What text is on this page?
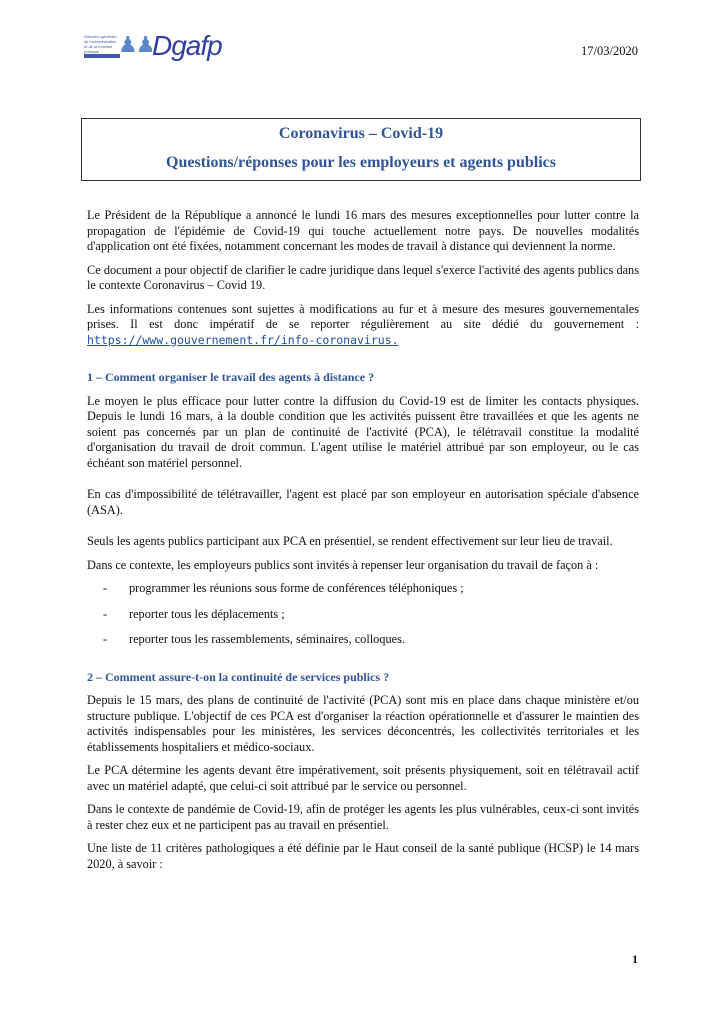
Direction générale de l'administration et de la fonction publique ♟♟
Dgafp	17/03/2020
Coronavirus – Covid-19
Questions/réponses pour les employeurs et agents publics

Le Président de la République a annoncé le lundi 16 mars des mesures exceptionnelles pour lutter contre la propagation de l'épidémie de Covid-19 qui touche actuellement notre pays. De nouvelles modalités d'application ont été fixées, notamment concernant les modes de travail à distance qui deviennent la norme.

Ce document a pour objectif de clarifier le cadre juridique dans lequel s'exerce l'activité des agents publics dans le contexte Coronavirus – Covid 19.

Les informations contenues sont sujettes à modifications au fur et à mesure des mesures gouvernementales prises. Il est donc impératif de se reporter régulièrement au site dédié du gouvernement : https://www.gouvernement.fr/info-coronavirus.

1 – Comment organiser le travail des agents à distance ?

Le moyen le plus efficace pour lutter contre la diffusion du Covid-19 est de limiter les contacts physiques. Depuis le lundi 16 mars, à la double condition que les activités puissent être travaillées et que les agents ne soient pas concernés par un plan de continuité de l'activité (PCA), le télétravail constitue la modalité d'organisation du travail de droit commun. L'agent utilise le matériel attribué par son employeur, ou le cas échéant son matériel personnel.

En cas d'impossibilité de télétravailler, l'agent est placé par son employeur en autorisation spéciale d'absence (ASA).

Seuls les agents publics participant aux PCA en présentiel, se rendent effectivement sur leur lieu de travail.

Dans ce contexte, les employeurs publics sont invités à repenser leur organisation du travail de façon à :

- programmer les réunions sous forme de conférences téléphoniques ;
- reporter tous les déplacements ;
- reporter tous les rassemblements, séminaires, colloques.
2 – Comment assure-t-on la continuité de services publics ?

Depuis le 15 mars, des plans de continuité de l'activité (PCA) sont mis en place dans chaque ministère et/ou structure publique. L'objectif de ces PCA est d'organiser la réaction opérationnelle et d'assurer le maintien des activités indispensables pour les ministères, les services déconcentrés, les collectivités territoriales et les établissements hospitaliers et médico-sociaux.

Le PCA détermine les agents devant être impérativement, soit présents physiquement, soit en télétravail actif avec un matériel adapté, que celui-ci soit attribué par le service ou personnel.

Dans le contexte de pandémie de Covid-19, afin de protéger les agents les plus vulnérables, ceux-ci sont invités à rester chez eux et ne participent pas au travail en présentiel.

Une liste de 11 critères pathologiques a été définie par le Haut conseil de la santé publique (HCSP) le 14 mars 2020, à savoir :

1
